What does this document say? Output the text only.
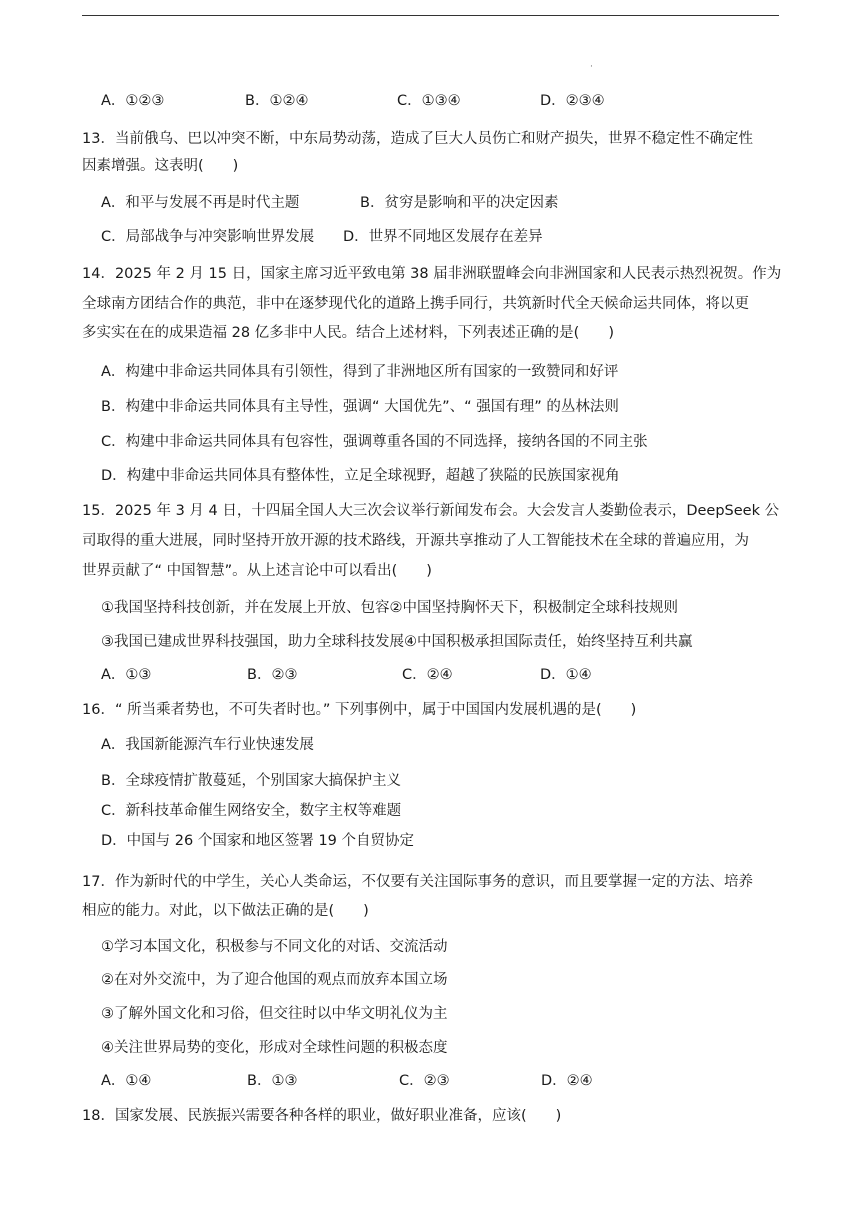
·
A．①②③	B．①②④	C．①③④	D．②③④
13．当前俄乌、巴以冲突不断，中东局势动荡，造成了巨大人员伤亡和财产损失，世界不稳定性不确定性
因素增强。这表明(　　)
A．和平与发展不再是时代主题	B．贫穷是影响和平的决定因素
C．局部战争与冲突影响世界发展 D．世界不同地区发展存在差异
14．2025 年 2 月 15 日，国家主席习近平致电第 38 届非洲联盟峰会向非洲国家和人民表示热烈祝贺。作为
全球南方团结合作的典范，非中在逐梦现代化的道路上携手同行，共筑新时代全天候命运共同体，将以更
多实实在在的成果造福 28 亿多非中人民。结合上述材料，下列表述正确的是(　　)
A．构建中非命运共同体具有引领性，得到了非洲地区所有国家的一致赞同和好评
B．构建中非命运共同体具有主导性，强调“ 大国优先”、“ 强国有理” 的丛林法则
C．构建中非命运共同体具有包容性，强调尊重各国的不同选择，接纳各国的不同主张
D．构建中非命运共同体具有整体性，立足全球视野，超越了狭隘的民族国家视角
15．2025 年 3 月 4 日，十四届全国人大三次会议举行新闻发布会。大会发言人娄勤俭表示，DeepSeek 公
司取得的重大进展，同时坚持开放开源的技术路线，开源共享推动了人工智能技术在全球的普遍应用，为
世界贡献了“ 中国智慧”。从上述言论中可以看出(　　)
①我国坚持科技创新，并在发展上开放、包容②中国坚持胸怀天下，积极制定全球科技规则
③我国已建成世界科技强国，助力全球科技发展④中国积极承担国际责任，始终坚持互利共赢
A．①③	B．②③	C．②④	D．①④
16．“ 所当乘者势也，不可失者时也。” 下列事例中，属于中国国内发展机遇的是(　　)
A．我国新能源汽车行业快速发展
B．全球疫情扩散蔓延，个别国家大搞保护主义
C．新科技革命催生网络安全，数字主权等难题
D．中国与 26 个国家和地区签署 19 个自贸协定
17．作为新时代的中学生，关心人类命运，不仅要有关注国际事务的意识，而且要掌握一定的方法、培养
相应的能力。对此，以下做法正确的是(　　)
①学习本国文化，积极参与不同文化的对话、交流活动
②在对外交流中，为了迎合他国的观点而放弃本国立场
③了解外国文化和习俗，但交往时以中华文明礼仪为主
④关注世界局势的变化，形成对全球性问题的积极态度
A．①④	B．①③	C．②③	D．②④
18．国家发展、民族振兴需要各种各样的职业，做好职业准备，应该(　　)
